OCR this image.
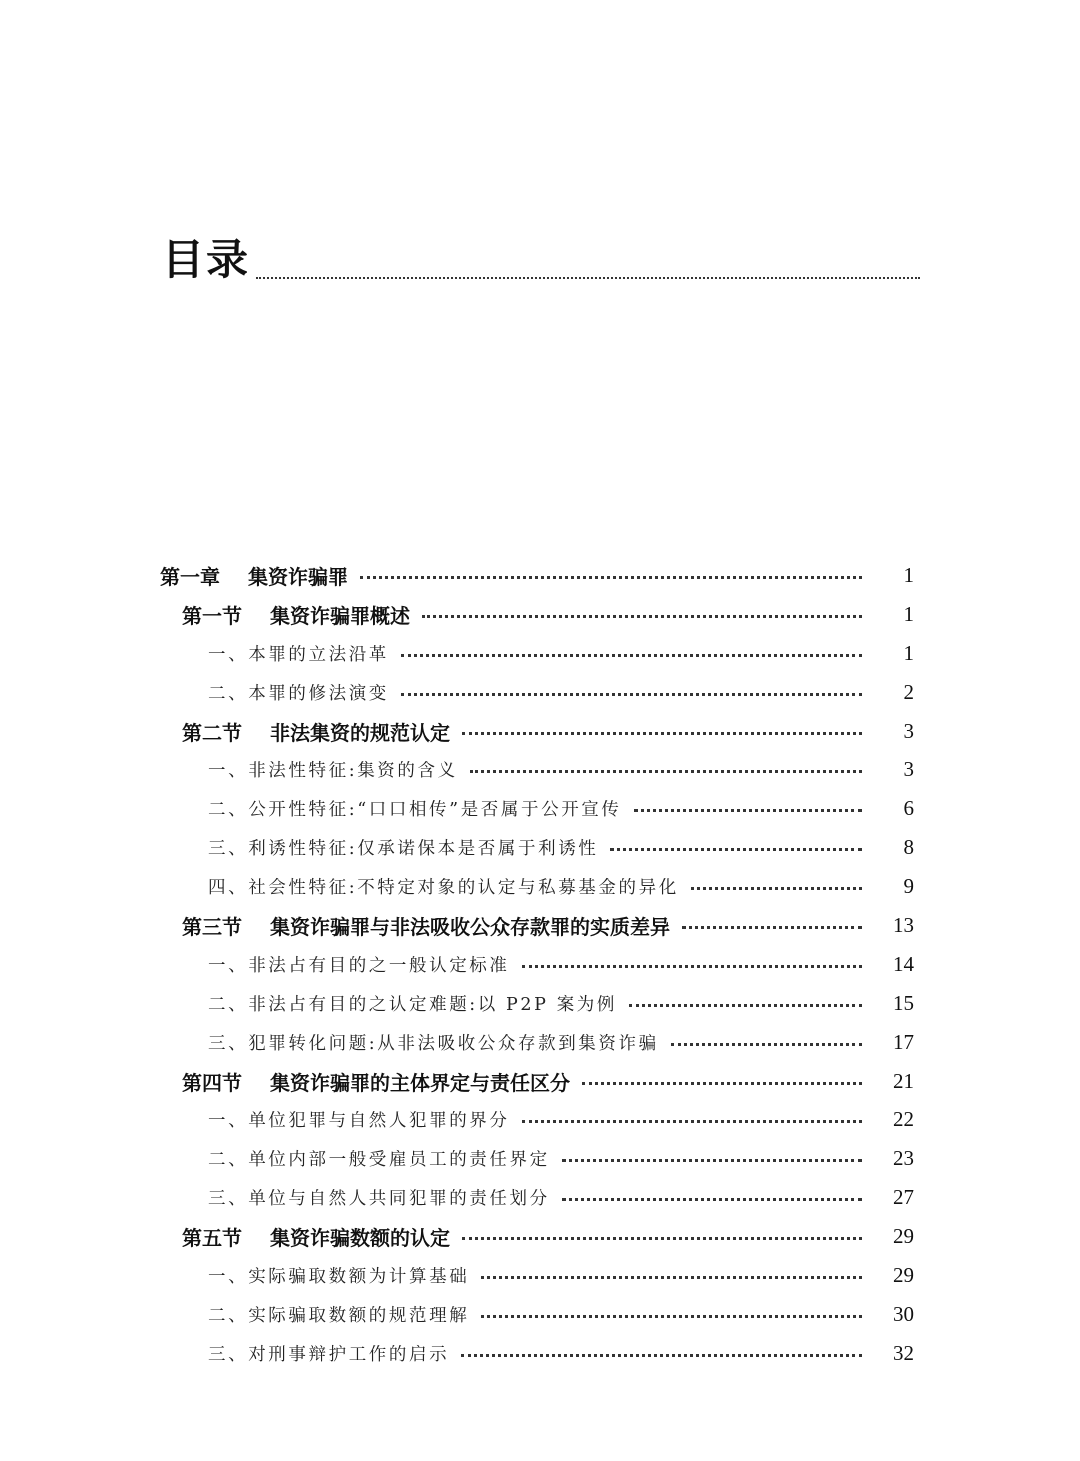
目录
第一章 集资诈骗罪	1
第一节 集资诈骗罪概述	1
一、本罪的立法沿革	1
二、本罪的修法演变	2
第二节 非法集资的规范认定	3
一、非法性特征:集资的含义	3
二、公开性特征:“口口相传”是否属于公开宣传	6
三、利诱性特征:仅承诺保本是否属于利诱性	8
四、社会性特征:不特定对象的认定与私募基金的异化	9
第三节 集资诈骗罪与非法吸收公众存款罪的实质差异	13
一、非法占有目的之一般认定标准	14
二、非法占有目的之认定难题:以 P2P 案为例	15
三、犯罪转化问题:从非法吸收公众存款到集资诈骗	17
第四节 集资诈骗罪的主体界定与责任区分	21
一、单位犯罪与自然人犯罪的界分	22
二、单位内部一般受雇员工的责任界定	23
三、单位与自然人共同犯罪的责任划分	27
第五节 集资诈骗数额的认定	29
一、实际骗取数额为计算基础	29
二、实际骗取数额的规范理解	30
三、对刑事辩护工作的启示	32
